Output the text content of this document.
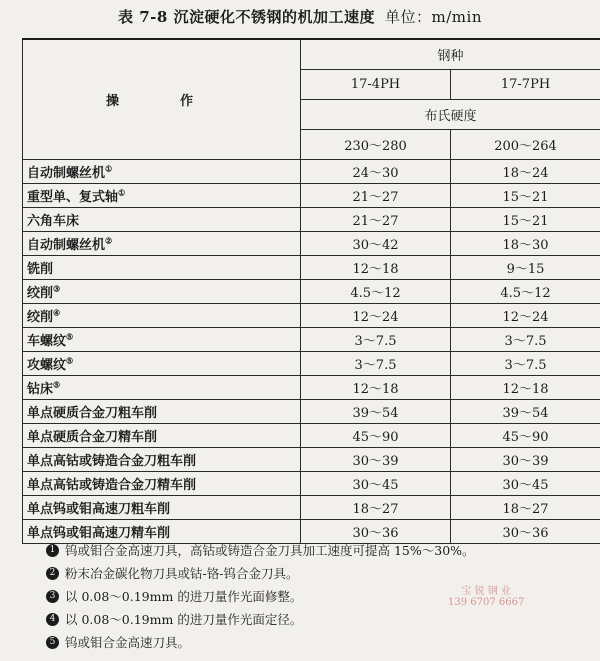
表 7-8 沉淀硬化不锈钢的机加工速度 单位：m/min
操　作	钢种	
	17-4PH	17-7PH
	布氏硬度	
	230～280	200～264
自动制螺丝机①	24～30	18～24
重型单、复式轴①	21～27	15～21
六角车床	21～27	15～21
自动制螺丝机②	30～42	18～30
铣削	12～18	9～15
绞削③	4.5～12	4.5～12
绞削④	12～24	12～24
车螺纹⑤	3～7.5	3～7.5
攻螺纹⑤	3～7.5	3～7.5
钻床⑤	12～18	12～18
单点硬质合金刀粗车削	39～54	39～54
单点硬质合金刀精车削	45～90	45～90
单点高钴或铸造合金刀粗车削	30～39	30～39
单点高钴或铸造合金刀精车削	30～45	30～45
单点钨或钼高速刀粗车削	18～27	18～27
单点钨或钼高速刀精车削	30～36	30～36
1 钨或钼合金高速刀具，高钴或铸造合金刀具加工速度可提高 15%～30%。
2 粉末冶金碳化物刀具或钴-铬-钨合金刀具。
3 以 0.08～0.19mm 的进刀量作光面修整。
4 以 0.08～0.19mm 的进刀量作光面定径。
5 钨或钼合金高速刀具。
宝 锐 钢 业
139 6707 6667
